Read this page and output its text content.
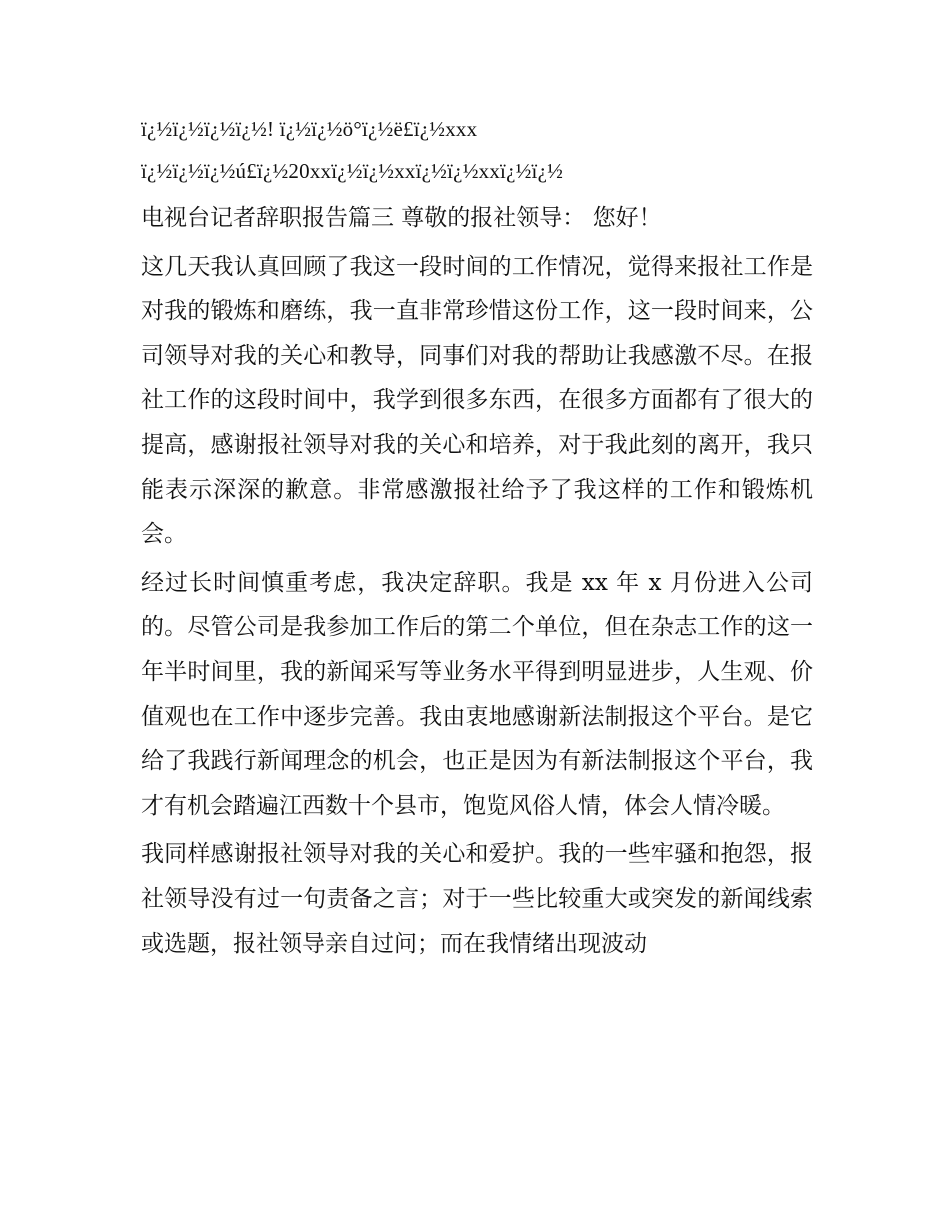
ï¿½ï¿½ï¿½ï¿½! ï¿½ï¿½ö°ï¿½ë£ï¿½xxx
ï¿½ï¿½ï¿½ú£ï¿½20xxï¿½ï¿½xxï¿½ï¿½xxï¿½ï¿½

电视台记者辞职报告篇三 尊敬的报社领导： 您好！

这几天我认真回顾了我这一段时间的工作情况，觉得来报社工作是对我的锻炼和磨练，我一直非常珍惜这份工作，这一段时间来，公司领导对我的关心和教导，同事们对我的帮助让我感激不尽。在报社工作的这段时间中，我学到很多东西，在很多方面都有了很大的提高，感谢报社领导对我的关心和培养，对于我此刻的离开，我只能表示深深的歉意。非常感激报社给予了我这样的工作和锻炼机会。

经过长时间慎重考虑，我决定辞职。我是 xx 年 x 月份进入公司的。尽管公司是我参加工作后的第二个单位，但在杂志工作的这一年半时间里，我的新闻采写等业务水平得到明显进步，人生观、价值观也在工作中逐步完善。我由衷地感谢新法制报这个平台。是它给了我践行新闻理念的机会，也正是因为有新法制报这个平台，我才有机会踏遍江西数十个县市，饱览风俗人情，体会人情冷暖。

我同样感谢报社领导对我的关心和爱护。我的一些牢骚和抱怨，报社领导没有过一句责备之言；对于一些比较重大或突发的新闻线索或选题，报社领导亲自过问；而在我情绪出现波动
